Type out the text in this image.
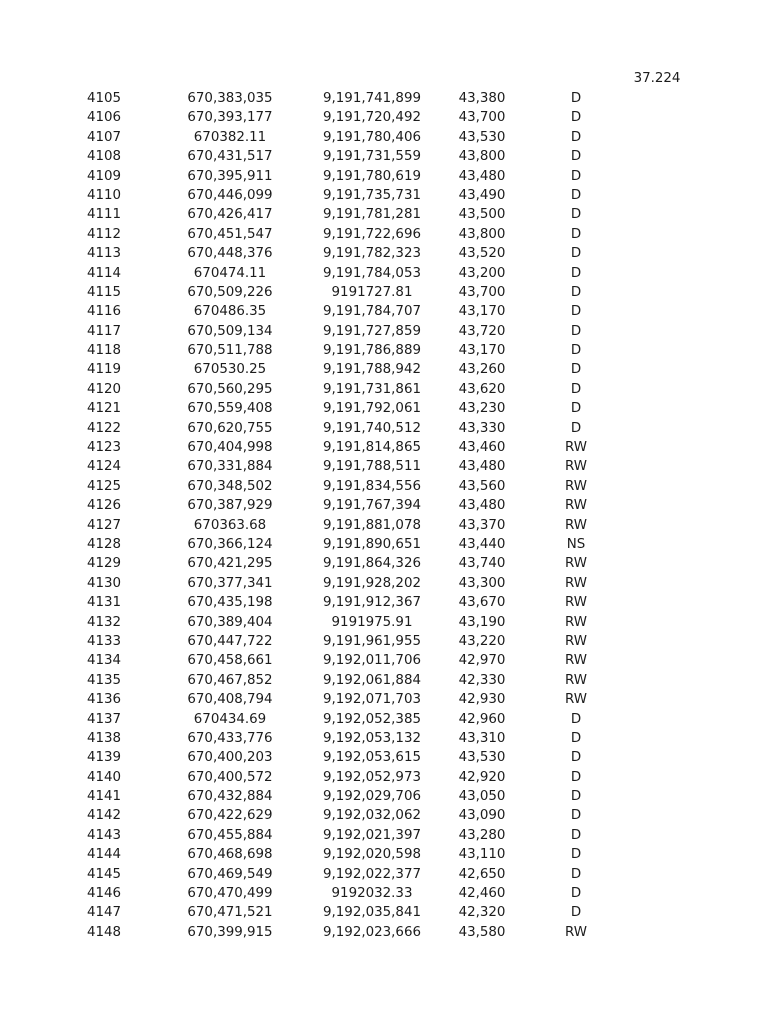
37.224
4105	670,383,035	9,191,741,899	43,380	D
4106	670,393,177	9,191,720,492	43,700	D
4107	670382.11	9,191,780,406	43,530	D
4108	670,431,517	9,191,731,559	43,800	D
4109	670,395,911	9,191,780,619	43,480	D
4110	670,446,099	9,191,735,731	43,490	D
4111	670,426,417	9,191,781,281	43,500	D
4112	670,451,547	9,191,722,696	43,800	D
4113	670,448,376	9,191,782,323	43,520	D
4114	670474.11	9,191,784,053	43,200	D
4115	670,509,226	9191727.81	43,700	D
4116	670486.35	9,191,784,707	43,170	D
4117	670,509,134	9,191,727,859	43,720	D
4118	670,511,788	9,191,786,889	43,170	D
4119	670530.25	9,191,788,942	43,260	D
4120	670,560,295	9,191,731,861	43,620	D
4121	670,559,408	9,191,792,061	43,230	D
4122	670,620,755	9,191,740,512	43,330	D
4123	670,404,998	9,191,814,865	43,460	RW
4124	670,331,884	9,191,788,511	43,480	RW
4125	670,348,502	9,191,834,556	43,560	RW
4126	670,387,929	9,191,767,394	43,480	RW
4127	670363.68	9,191,881,078	43,370	RW
4128	670,366,124	9,191,890,651	43,440	NS
4129	670,421,295	9,191,864,326	43,740	RW
4130	670,377,341	9,191,928,202	43,300	RW
4131	670,435,198	9,191,912,367	43,670	RW
4132	670,389,404	9191975.91	43,190	RW
4133	670,447,722	9,191,961,955	43,220	RW
4134	670,458,661	9,192,011,706	42,970	RW
4135	670,467,852	9,192,061,884	42,330	RW
4136	670,408,794	9,192,071,703	42,930	RW
4137	670434.69	9,192,052,385	42,960	D
4138	670,433,776	9,192,053,132	43,310	D
4139	670,400,203	9,192,053,615	43,530	D
4140	670,400,572	9,192,052,973	42,920	D
4141	670,432,884	9,192,029,706	43,050	D
4142	670,422,629	9,192,032,062	43,090	D
4143	670,455,884	9,192,021,397	43,280	D
4144	670,468,698	9,192,020,598	43,110	D
4145	670,469,549	9,192,022,377	42,650	D
4146	670,470,499	9192032.33	42,460	D
4147	670,471,521	9,192,035,841	42,320	D
4148	670,399,915	9,192,023,666	43,580	RW
